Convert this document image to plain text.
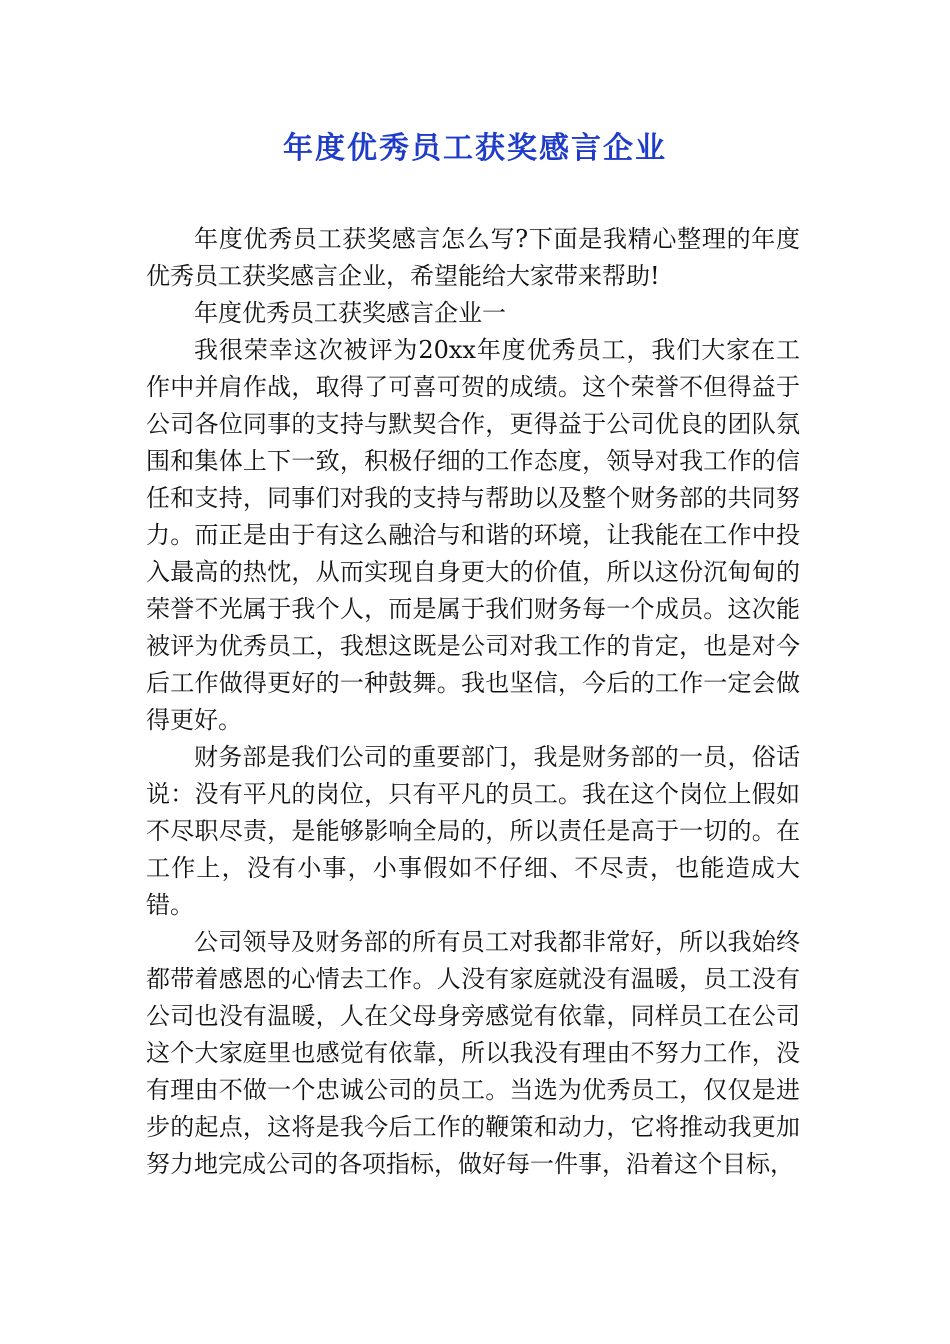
年度优秀员工获奖感言企业

年度优秀员工获奖感言怎么写?下面是我精心整理的年度优秀员工获奖感言企业，希望能给大家带来帮助!

年度优秀员工获奖感言企业一

我很荣幸这次被评为20xx年度优秀员工，我们大家在工作中并肩作战，取得了可喜可贺的成绩。这个荣誉不但得益于公司各位同事的支持与默契合作，更得益于公司优良的团队氛围和集体上下一致，积极仔细的工作态度，领导对我工作的信任和支持，同事们对我的支持与帮助以及整个财务部的共同努力。而正是由于有这么融洽与和谐的环境，让我能在工作中投入最高的热忱，从而实现自身更大的价值，所以这份沉甸甸的荣誉不光属于我个人，而是属于我们财务每一个成员。这次能被评为优秀员工，我想这既是公司对我工作的肯定，也是对今后工作做得更好的一种鼓舞。我也坚信，今后的工作一定会做得更好。

财务部是我们公司的重要部门，我是财务部的一员，俗话说：没有平凡的岗位，只有平凡的员工。我在这个岗位上假如不尽职尽责，是能够影响全局的，所以责任是高于一切的。在工作上，没有小事，小事假如不仔细、不尽责，也能造成大错。

公司领导及财务部的所有员工对我都非常好，所以我始终都带着感恩的心情去工作。人没有家庭就没有温暖，员工没有公司也没有温暖，人在父母身旁感觉有依靠，同样员工在公司这个大家庭里也感觉有依靠，所以我没有理由不努力工作，没有理由不做一个忠诚公司的员工。当选为优秀员工，仅仅是进步的起点，这将是我今后工作的鞭策和动力，它将推动我更加努力地完成公司的各项指标，做好每一件事，沿着这个目标，
